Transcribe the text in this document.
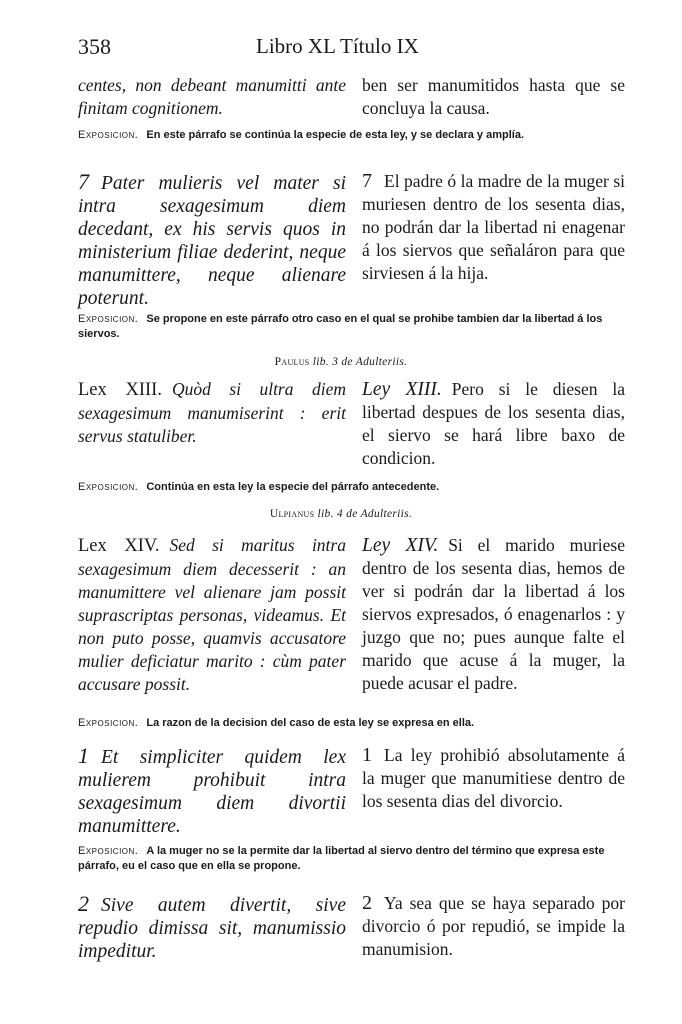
358	Libro XL Título IX
centes, non debeant manumitti ante finitam cognitionem.
ben ser manumitidos hasta que se concluya la causa.
Exposicion. En este párrafo se continúa la especie de esta ley, y se declara y amplía.
7 Pater mulieris vel mater si intra sexagesimum diem decedant, ex his servis quos in ministerium filiae dederint, neque manumittere, neque alienare poterunt.
7 El padre ó la madre de la muger si muriesen dentro de los sesenta dias, no podrán dar la libertad ni enagenar á los siervos que señaláron para que sirviesen á la hija.
Exposicion. Se propone en este párrafo otro caso en el qual se prohibe tambien dar la libertad á los siervos.
Paulus lib. 3 de Adulteriis.
Lex XIII. Quòd si ultra diem sexagesimum manumiserint : erit servus statuliber.
Ley XIII. Pero si le diesen la libertad despues de los sesenta dias, el siervo se hará libre baxo de condicion.
Exposicion. Continúa en esta ley la especie del párrafo antecedente.
Ulpianus lib. 4 de Adulteriis.
Lex XIV. Sed si maritus intra sexagesimum diem decesserit : an manumittere vel alienare jam possit suprascriptas personas, videamus. Et non puto posse, quamvis accusatore mulier deficiatur marito : cùm pater accusare possit.
Ley XIV. Si el marido muriese dentro de los sesenta dias, hemos de ver si podrán dar la libertad á los siervos expresados, ó enagenarlos : y juzgo que no; pues aunque falte el marido que acuse á la muger, la puede acusar el padre.
Exposicion. La razon de la decision del caso de esta ley se expresa en ella.
1 Et simpliciter quidem lex mulierem prohibuit intra sexagesimum diem divortii manumittere.
1 La ley prohibió absolutamente á la muger que manumitiese dentro de los sesenta dias del divorcio.
Exposicion. A la muger no se la permite dar la libertad al siervo dentro del término que expresa este párrafo, eu el caso que en ella se propone.
2 Sive autem divertit, sive repudio dimissa sit, manumissio impeditur.
2 Ya sea que se haya separado por divorcio ó por repudió, se impide la manumision.
